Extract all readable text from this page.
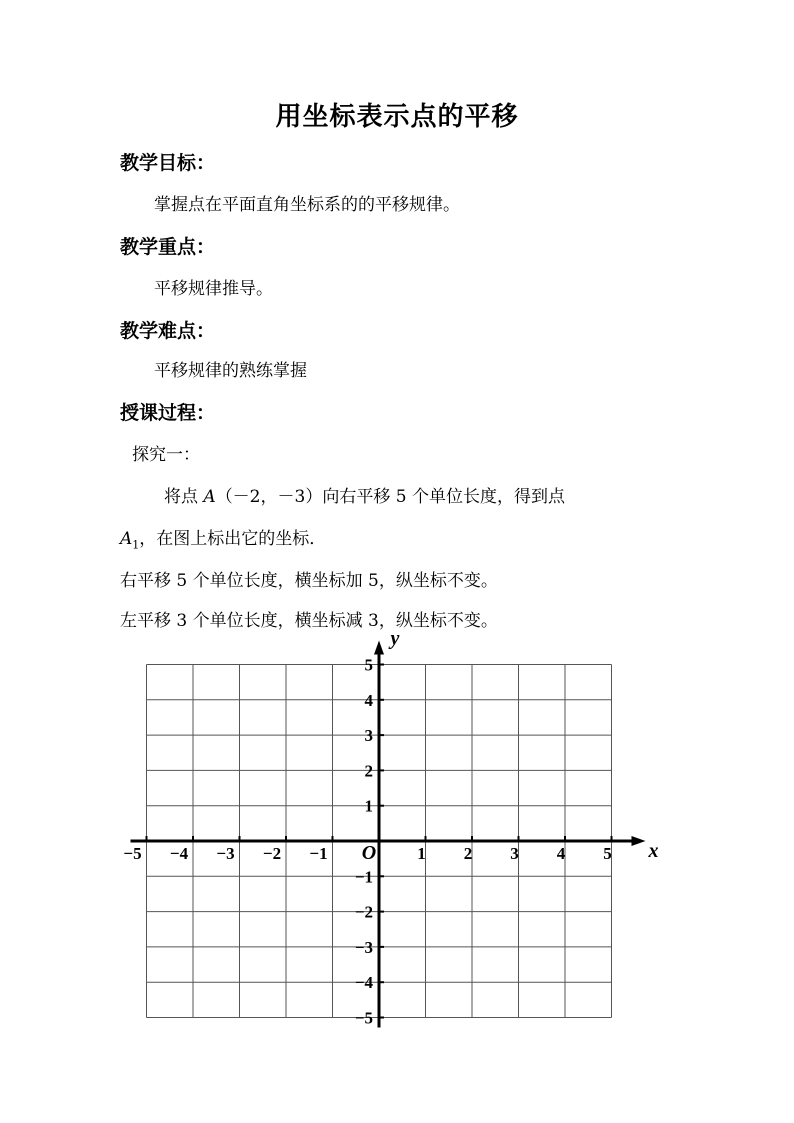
用坐标表示点的平移

教学目标：

掌握点在平面直角坐标系的的平移规律。

教学重点：

平移规律推导。

教学难点：

平移规律的熟练掌握

授课过程：

探究一：

将点 A（－2，－3）向右平移 5 个单位长度，得到点

$A_1$，在图上标出它的坐标．

右平移 5 个单位长度，横坐标加 5，纵坐标不变。

左平移 3 个单位长度，横坐标减 3，纵坐标不变。

−5 −4 −3 −2 −1	1 2 3 4 5
5
4
3
2
1
−1
−2
−3
−4
−5
O	x
y
